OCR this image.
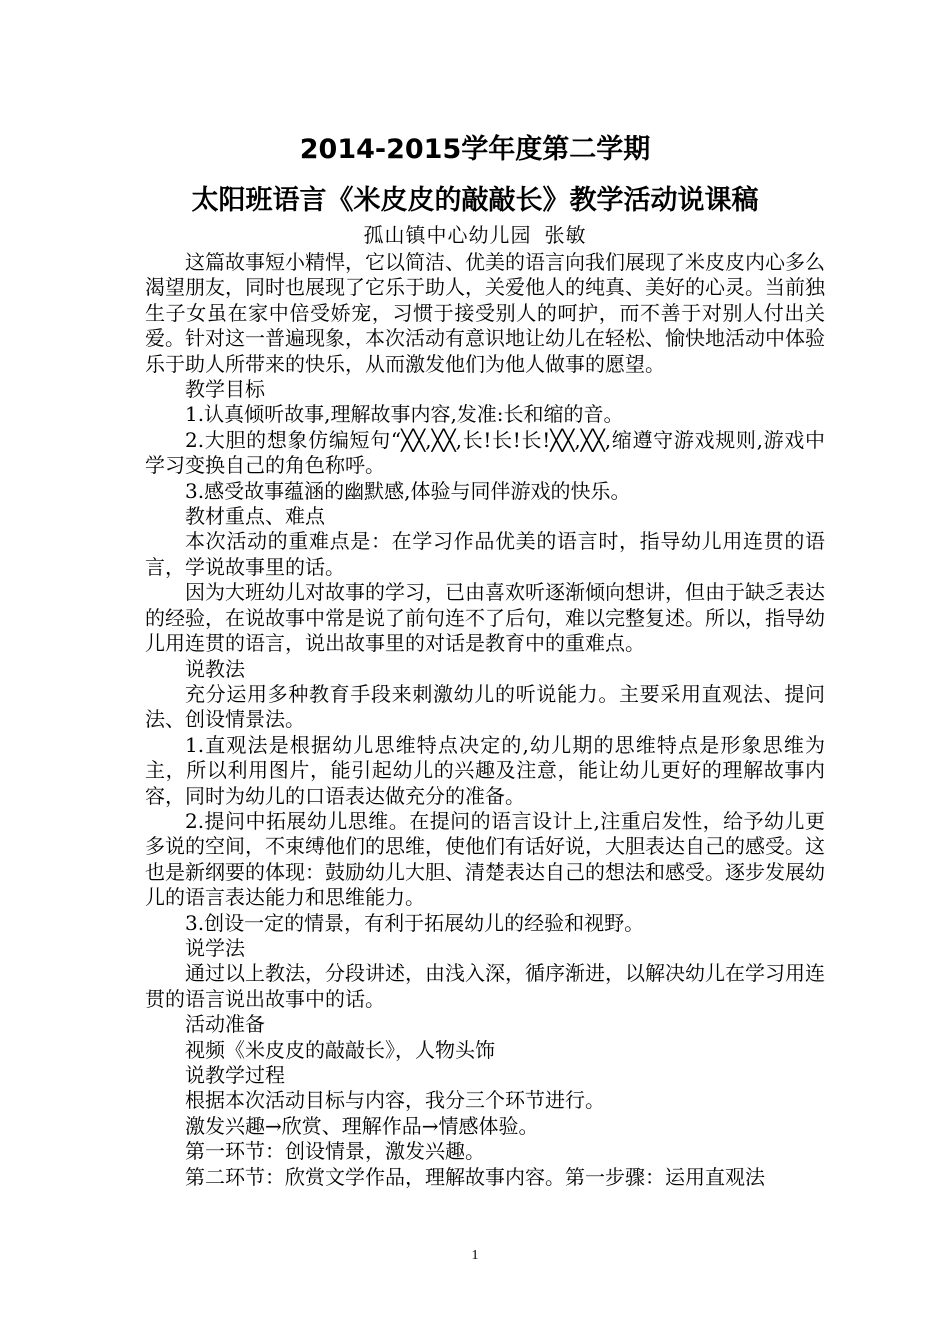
2014-2015学年度第二学期
太阳班语言《米皮皮的敲敲长》教学活动说课稿
孤山镇中心幼儿园 张敏

这篇故事短小精悍，它以简洁、优美的语言向我们展现了米皮皮内心多么渴望朋友，同时也展现了它乐于助人，关爱他人的纯真、美好的心灵。当前独生子女虽在家中倍受娇宠，习惯于接受别人的呵护，而不善于对别人付出关爱。针对这一普遍现象，本次活动有意识地让幼儿在轻松、愉快地活动中体验乐于助人所带来的快乐，从而激发他们为他人做事的愿望。

教学目标

1.认真倾听故事,理解故事内容,发准:长和缩的音。

2.大胆的想象仿编短句“╳╳,╳╳,长!长!长!╳╳,╳╳,缩遵守游戏规则,游戏中学习变换自己的角色称呼。

3.感受故事蕴涵的幽默感,体验与同伴游戏的快乐。

教材重点、难点

本次活动的重难点是：在学习作品优美的语言时，指导幼儿用连贯的语言，学说故事里的话。

因为大班幼儿对故事的学习，已由喜欢听逐渐倾向想讲，但由于缺乏表达的经验，在说故事中常是说了前句连不了后句，难以完整复述。所以，指导幼儿用连贯的语言，说出故事里的对话是教育中的重难点。

说教法

充分运用多种教育手段来刺激幼儿的听说能力。主要采用直观法、提问法、创设情景法。

1.直观法是根据幼儿思维特点决定的,幼儿期的思维特点是形象思维为主，所以利用图片，能引起幼儿的兴趣及注意，能让幼儿更好的理解故事内容，同时为幼儿的口语表达做充分的准备。

2.提问中拓展幼儿思维。在提问的语言设计上,注重启发性，给予幼儿更多说的空间，不束缚他们的思维，使他们有话好说，大胆表达自己的感受。这也是新纲要的体现：鼓励幼儿大胆、清楚表达自己的想法和感受。逐步发展幼儿的语言表达能力和思维能力。

3.创设一定的情景，有利于拓展幼儿的经验和视野。

说学法

通过以上教法，分段讲述，由浅入深，循序渐进，以解决幼儿在学习用连贯的语言说出故事中的话。

活动准备

视频《米皮皮的敲敲长》，人物头饰

说教学过程

根据本次活动目标与内容，我分三个环节进行。

激发兴趣→欣赏、理解作品→情感体验。

第一环节：创设情景，激发兴趣。

第二环节：欣赏文学作品，理解故事内容。第一步骤：运用直观法

1
